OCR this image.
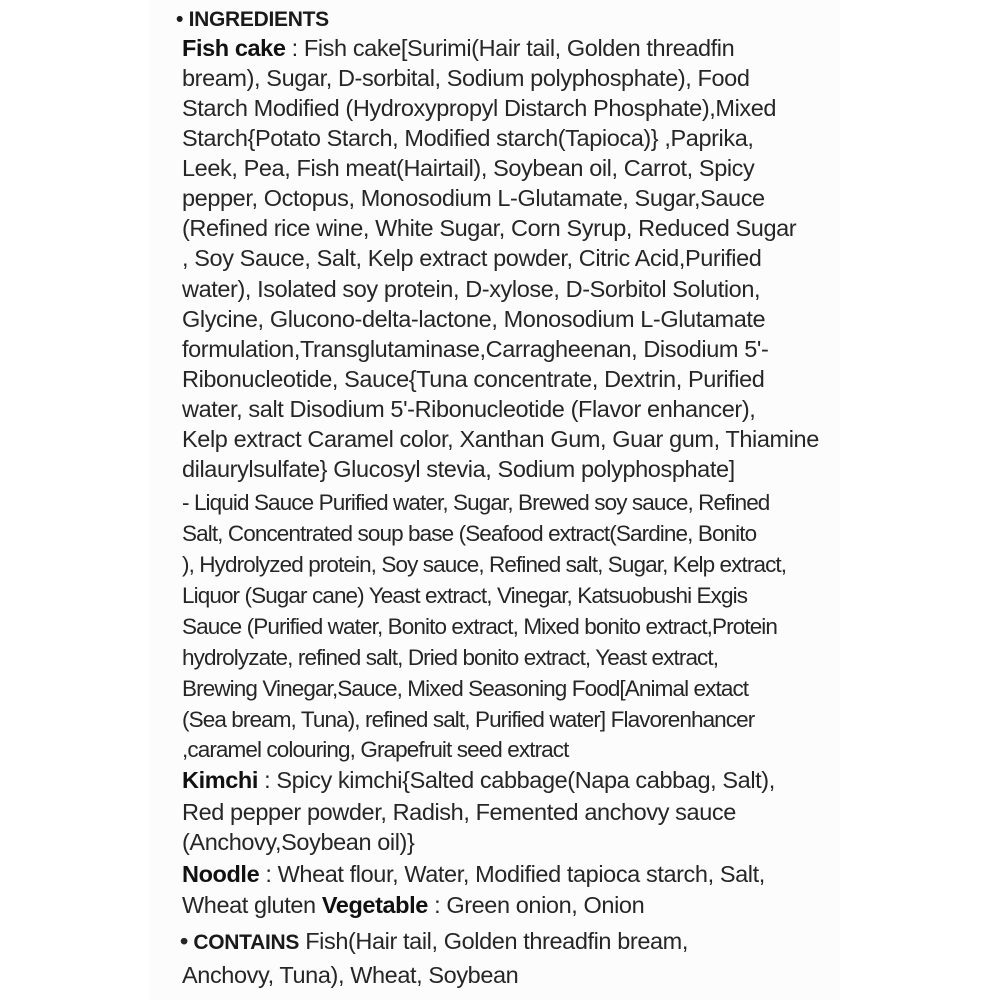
• INGREDIENTS
Fish cake : Fish cake[Surimi(Hair tail, Golden threadfin
bream), Sugar, D-sorbital, Sodium polyphosphate), Food
Starch Modified (Hydroxypropyl Distarch Phosphate),Mixed
Starch{Potato Starch, Modified starch(Tapioca)} ,Paprika,
Leek, Pea, Fish meat(Hairtail), Soybean oil, Carrot, Spicy
pepper, Octopus, Monosodium L-Glutamate, Sugar,Sauce
(Refined rice wine, White Sugar, Corn Syrup, Reduced Sugar
, Soy Sauce, Salt, Kelp extract powder, Citric Acid,Purified
water), Isolated soy protein, D-xylose, D-Sorbitol Solution,
Glycine, Glucono-delta-lactone, Monosodium L-Glutamate
formulation,Transglutaminase,Carragheenan, Disodium 5'-
Ribonucleotide, Sauce{Tuna concentrate, Dextrin, Purified
water, salt Disodium 5'-Ribonucleotide (Flavor enhancer),
Kelp extract Caramel color, Xanthan Gum, Guar gum, Thiamine
dilaurylsulfate} Glucosyl stevia, Sodium polyphosphate]
- Liquid Sauce Purified water, Sugar, Brewed soy sauce, Refined
Salt, Concentrated soup base (Seafood extract(Sardine, Bonito
), Hydrolyzed protein, Soy sauce, Refined salt, Sugar, Kelp extract,
Liquor (Sugar cane) Yeast extract, Vinegar, Katsuobushi Exgis
Sauce (Purified water, Bonito extract, Mixed bonito extract,Protein
hydrolyzate, refined salt, Dried bonito extract, Yeast extract,
Brewing Vinegar,Sauce, Mixed Seasoning Food[Animal extact
(Sea bream, Tuna), refined salt, Purified water] Flavorenhancer
,caramel colouring, Grapefruit seed extract
Kimchi : Spicy kimchi{Salted cabbage(Napa cabbag, Salt),
Red pepper powder, Radish, Femented anchovy sauce
(Anchovy,Soybean oil)}
Noodle : Wheat flour, Water, Modified tapioca starch, Salt,
Wheat gluten Vegetable : Green onion, Onion
• CONTAINS Fish(Hair tail, Golden threadfin bream,
Anchovy, Tuna), Wheat, Soybean
